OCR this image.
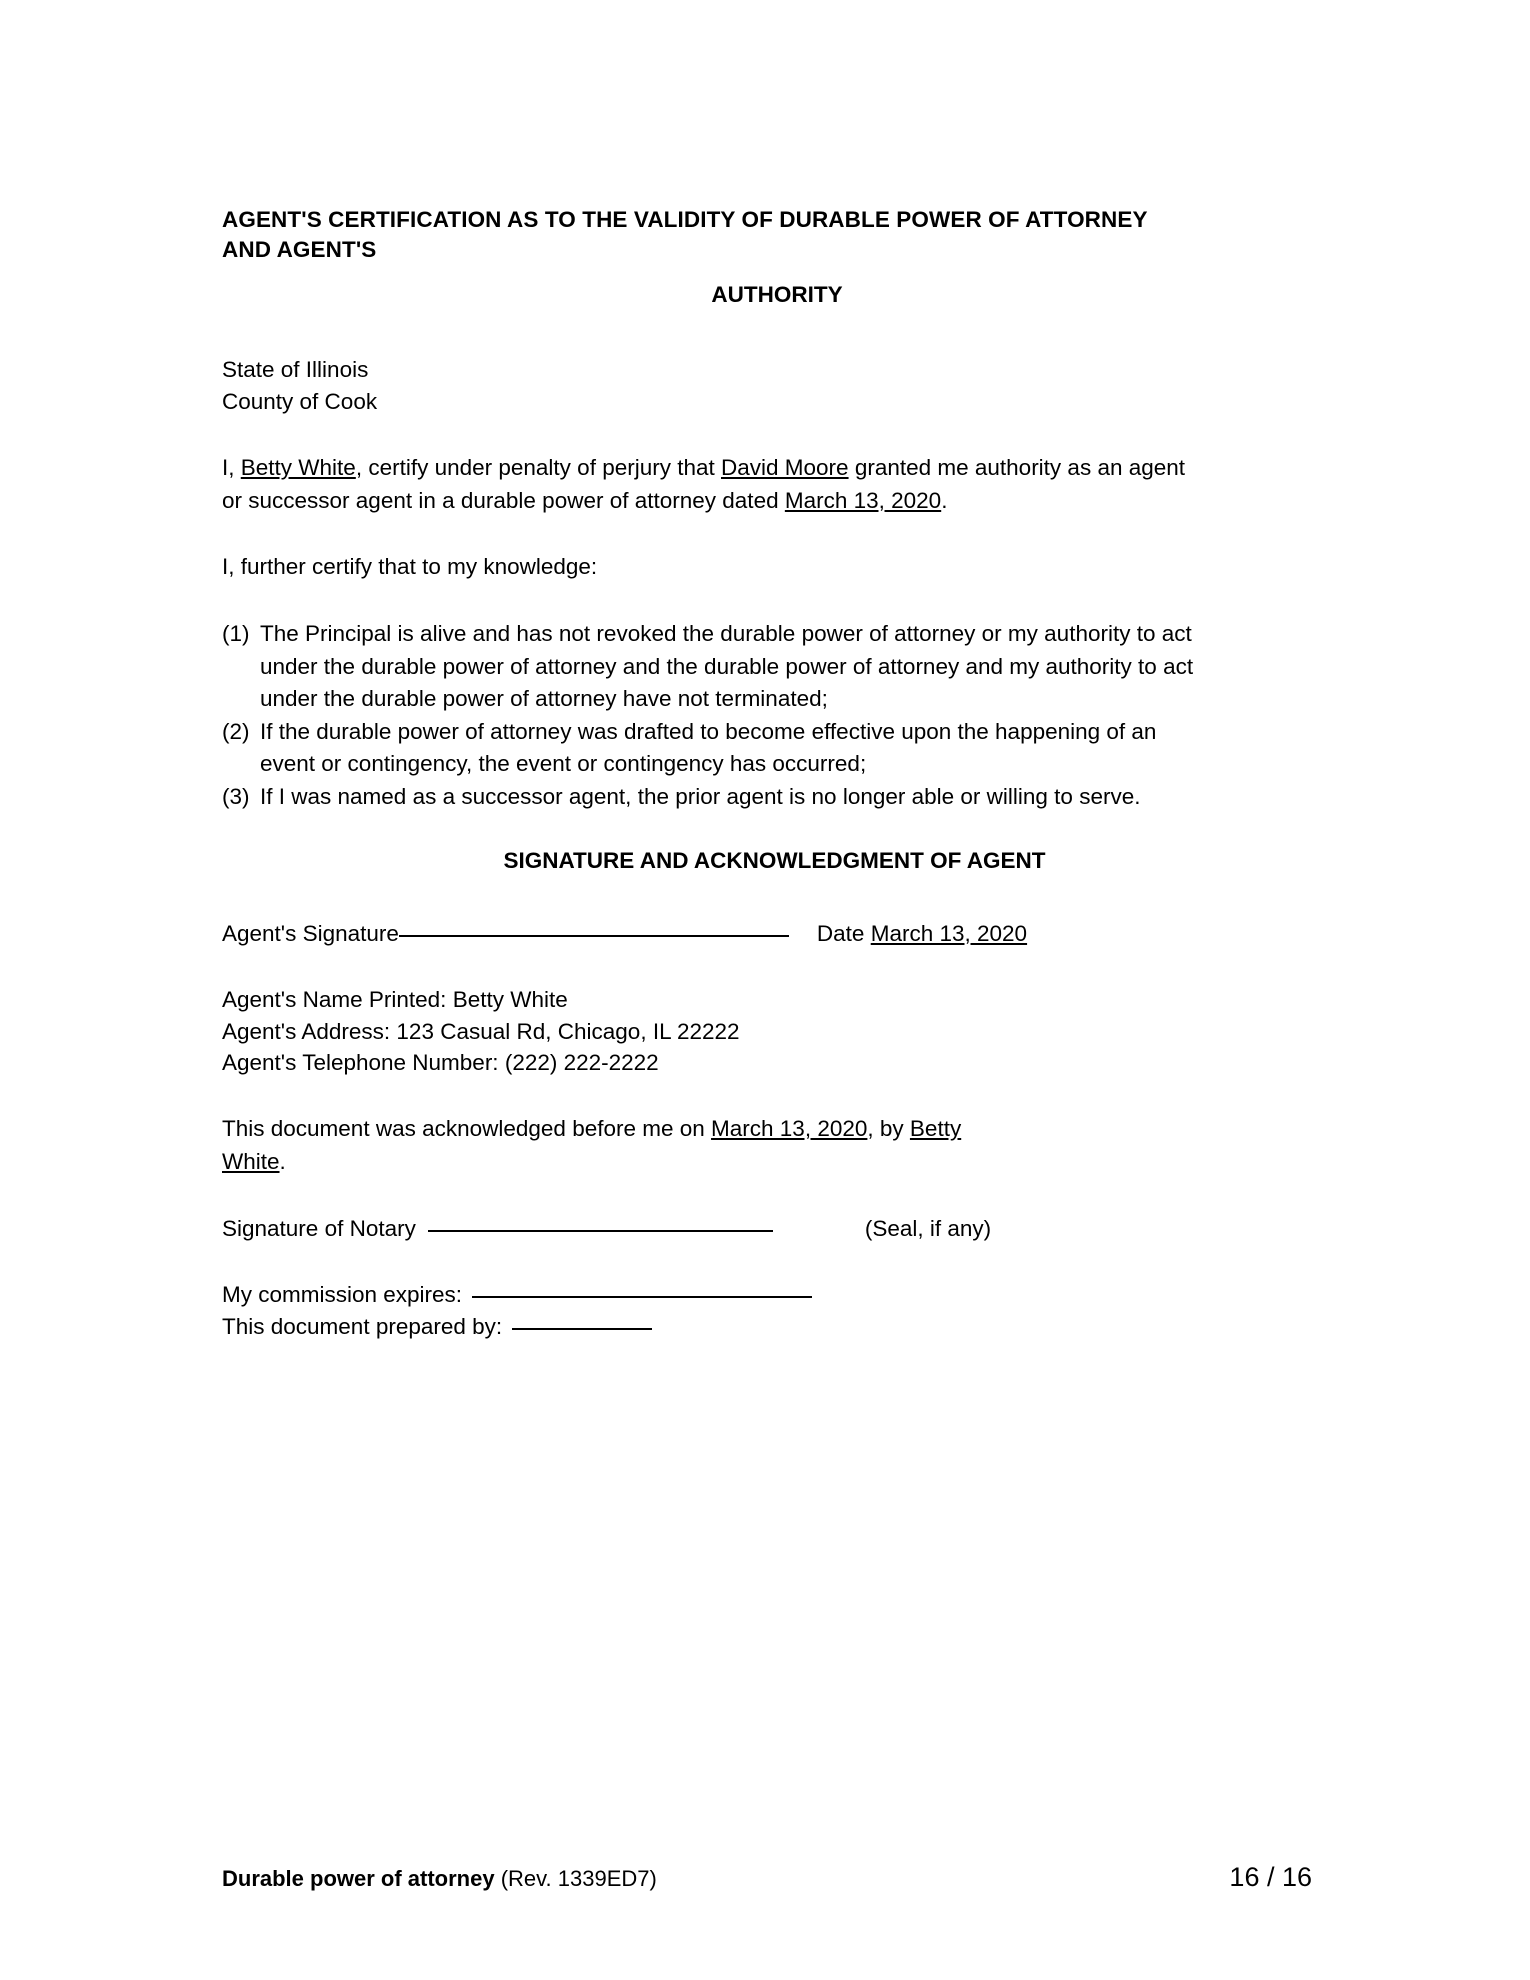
AGENT'S CERTIFICATION AS TO THE VALIDITY OF DURABLE POWER OF ATTORNEY
AND AGENT'S
AUTHORITY
State of Illinois
County of Cook

I, Betty White, certify under penalty of perjury that David Moore granted me authority as an agent
or successor agent in a durable power of attorney dated March 13, 2020.

I, further certify that to my knowledge:

(1) The Principal is alive and has not revoked the durable power of attorney or my authority to act
under the durable power of attorney and the durable power of attorney and my authority to act
under the durable power of attorney have not terminated;
(2) If the durable power of attorney was drafted to become effective upon the happening of an
event or contingency, the event or contingency has occurred;
(3) If I was named as a successor agent, the prior agent is no longer able or willing to serve.
SIGNATURE AND ACKNOWLEDGMENT OF AGENT
Agent's Signature	Date
March 13, 2020
Agent's Name Printed: Betty White
Agent's Address: 123 Casual Rd, Chicago, IL 22222
Agent's Telephone Number: (222) 222-2222

This document was acknowledged before me on March 13, 2020, by Betty
White.

Signature of Notary	(Seal, if any)
My commission expires:
This document prepared by:
Durable power of attorney (Rev. 1339ED7)	16 / 16
